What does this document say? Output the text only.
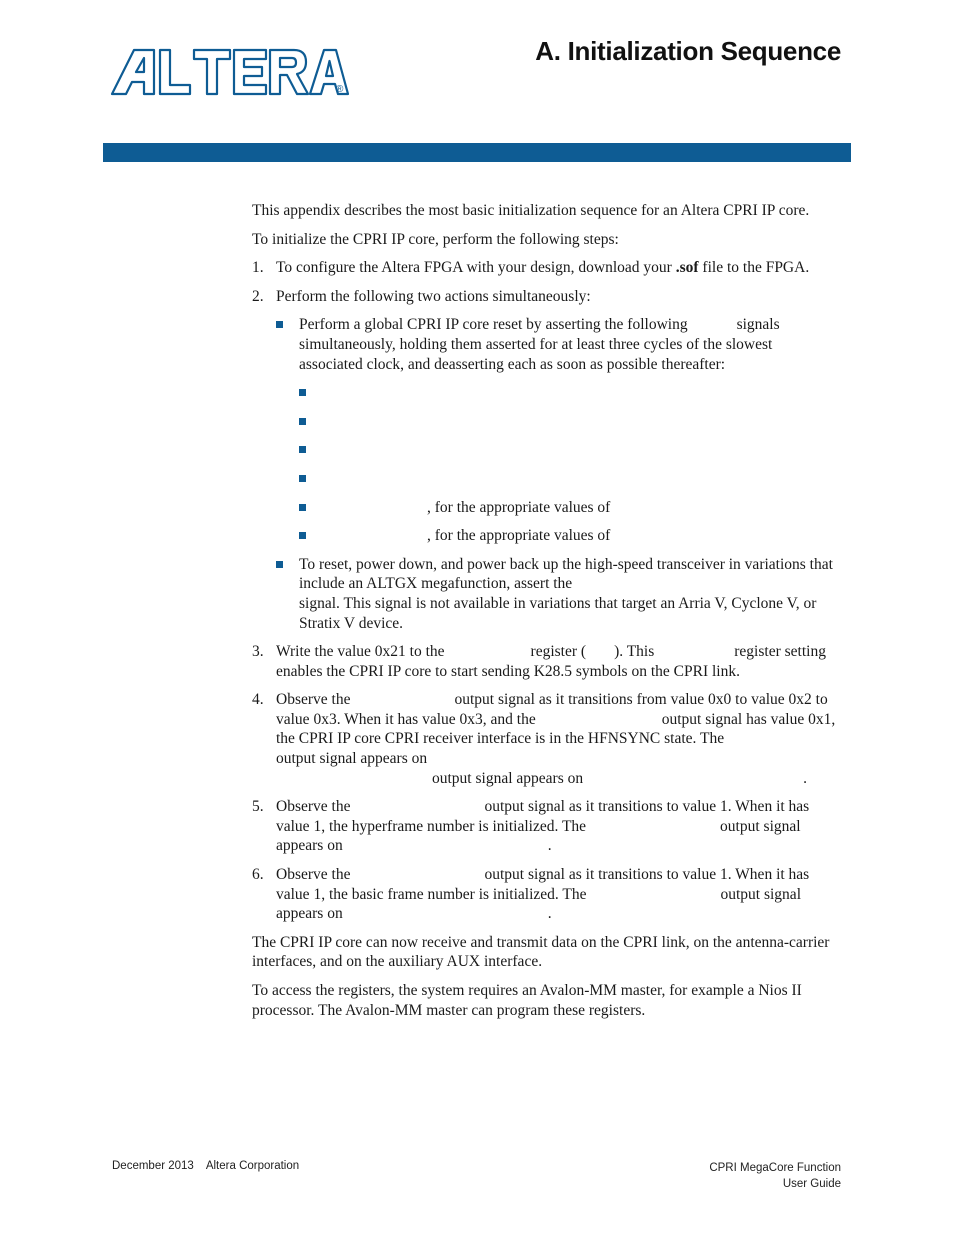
®
A. Initialization Sequence

This appendix describes the most basic initialization sequence for an Altera CPRI IP core.

To initialize the CPRI IP core, perform the following steps:

1. To configure the Altera FPGA with your design, download your .sof file to the FPGA.
2. Perform the following two actions simultaneously:
Perform a global CPRI IP core reset by asserting the following	signals simultaneously, holding them asserted for at least three cycles of the slowest associated clock, and deasserting each as soon as possible thereafter:
, for the appropriate values of
, for the appropriate values of
To reset, power down, and power back up the high-speed transceiver in variations that include an ALTGX megafunction, assert the
signal. This signal is not available in variations that target an Arria V, Cyclone V, or Stratix V device.
3. Write the value 0x21 to the	register ( ). This	register setting enables the CPRI IP core to start sending K28.5 symbols on the CPRI link.
4. Observe the	output signal as it transitions from value 0x0 to value 0x2 to value 0x3. When it has value 0x3, and the	output signal has value 0x1, the CPRI IP core CPRI receiver interface is in the HFNSYNC state. Theoutput signal appears on
output signal appears on	.
5. Observe the	output signal as it transitions to value 1. When it has value 1, the hyperframe number is initialized. The	output signal appears on	.
6. Observe the	output signal as it transitions to value 1. When it has value 1, the basic frame number is initialized. The	output signal appears on	.

The CPRI IP core can now receive and transmit data on the CPRI link, on the antenna-carrier interfaces, and on the auxiliary AUX interface.

To access the registers, the system requires an Avalon-MM master, for example a Nios II processor. The Avalon-MM master can program these registers.

December 2013 Altera Corporation	CPRI MegaCore Function
User Guide
